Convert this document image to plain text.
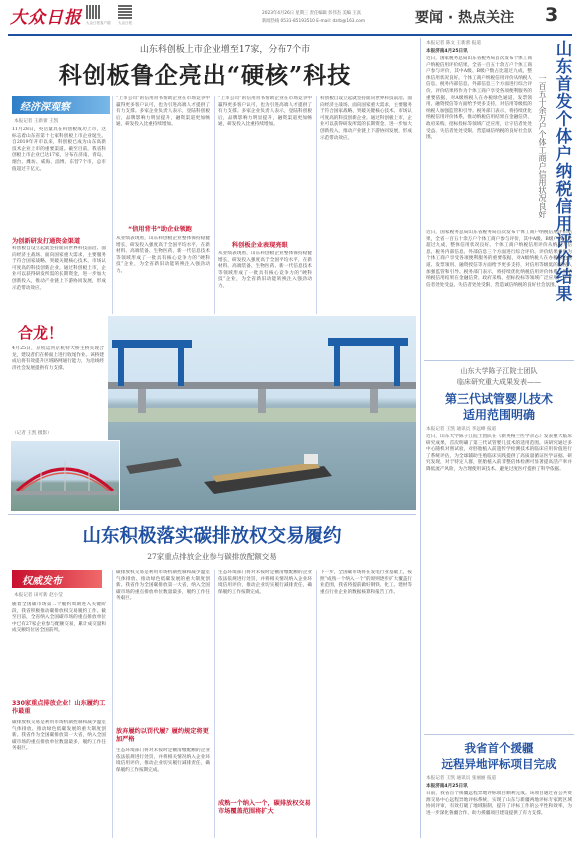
大众日报 大众日报客户端 大众日报
2023年4月26日 星期三 责任编辑 彭伟杰 美编 王真
新闻热线 0531-85193510 E-mail: dzrb@163.com	要闻 · 热点关注 3
山东科创板上市企业增至17家，分布7个市
科创板鲁企亮出“硬核”科技
经济深观察
本报记者 王新蕾 王凯
11月28日，英岳量具在科创板成功上市，这标志着山东省第十七家科创板上市企业诞生。自2019年开市以来，科创板已成为山东高新技术企业上市的重要渠道。截至目前，我省科创板上市企业已达17家，分布在济南、青岛、烟台、潍坊、威海、淄博、东营7个市，总市值超过千亿元。
为创新研发打通资金渠道
科创板自设立起就坚持面向世界科技前沿、面向经济主战场、面向国家重大需求，主要服务于符合国家战略、突破关键核心技术、市场认可度高的科技创新企业。通过科创板上市，企业可以获得研发所需的长期资金，进一步加大创新投入，推动产业链上下游协同发展，形成示范带动效应。
“上市公司”的信用背书帮助企业在市场竞争中赢得更多客户认可，也为引进高端人才提供了有力支撑。多家企业负责人表示，登陆科创板后，品牌影响力明显提升，融资渠道更加畅通，研发投入比重持续增加。
“信用背书”助企业领跑
从业绩表现看，山东科创板企业整体保持稳健增长，研发投入强度高于全国平均水平，在新材料、高端装备、生物医药、新一代信息技术等领域形成了一批具有核心竞争力的“硬科技”企业，为全省新旧动能转换注入强劲动力。
“上市公司”的信用背书帮助企业在市场竞争中赢得更多客户认可，也为引进高端人才提供了有力支撑。多家企业负责人表示，登陆科创板后，品牌影响力明显提升，融资渠道更加畅通，研发投入比重持续增加。
科创板企业表现亮眼
从业绩表现看，山东科创板企业整体保持稳健增长，研发投入强度高于全国平均水平，在新材料、高端装备、生物医药、新一代信息技术等领域形成了一批具有核心竞争力的“硬科技”企业，为全省新旧动能转换注入强劲动力。
科创板自设立起就坚持面向世界科技前沿、面向经济主战场、面向国家重大需求，主要服务于符合国家战略、突破关键核心技术、市场认可度高的科技创新企业。通过科创板上市，企业可以获得研发所需的长期资金，进一步加大创新投入，推动产业链上下游协同发展，形成示范带动效应。
合龙！
4月25日，京杭运河京杭特大桥主桥实现合龙，建设者们在桥面上进行收尾作业。该桥建成后将有效提升区域路网通行能力，为沿线经济社会发展提供有力支撑。
（记者 王凯 摄影）
山东积极落实碳排放权交易履约
27家重点排放企业参与碳排放配额交易
权威发布
本报记者 田可新 赵小莹
随着全国碳市场第二个履约周期进入关键阶段，我省积极推动碳排放权交易履约工作。截至目前，全省纳入全国碳市场的重点排放单位中已有27家企业参与配额交易，累计成交量和成交额均位居全国前列。
330家重点排放企业！山东履约工作最重
碳排放权交易是利用市场机制控制和减少温室气体排放、推动绿色低碳发展的重大制度创新。我省作为全国碳排放第一大省，纳入全国碳市场的重点排放单位数量最多，履约工作任务艰巨。
碳排放权交易是利用市场机制控制和减少温室气体排放、推动绿色低碳发展的重大制度创新。我省作为全国碳排放第一大省，纳入全国碳市场的重点排放单位数量最多，履约工作任务艰巨。
放弃履约以罚代履？履约规定将更加严格
生态环境部门将对未按时足额清缴配额的企业依法依规进行处罚，并将相关情况纳入企业环境信用评价，推动企业切实履行减排责任，确保履约工作按期完成。
生态环境部门将对未按时足额清缴配额的企业依法依规进行处罚，并将相关情况纳入企业环境信用评价，推动企业切实履行减排责任，确保履约工作按期完成。
成熟一个纳入一个，碳排放权交易市场覆盖范围将扩大
下一步，全国碳市场将在发电行业基础上，按照“成熟一个纳入一个”的原则逐步扩大覆盖行业范围，我省将提前做好钢铁、化工、建材等重点行业企业的数据核算和报告工作。
山东首发个体户纳税信用评价结果
一百五十余万户个体工商户信用状况良好
本报记者 陈文 王新蕾 报道
本报济南4月25日讯
近日，国家税务总局山东省税务局首次发布个体工商户纳税信用评价结果，全省一百五十余万户个体工商户参与评价，其中A级、B级户数占比超过九成，整体信用状况良好。个体工商户纳税信用评价从纳税人信息、税务内部信息、外部信息三个方面进行综合评价。评价结果将作为个体工商户享受各项便利服务的重要依据，对A级纳税人在办税绿色通道、发票领用、融资授信等方面给予更多支持，对信用等级低的纳税人加强监管和引导。税务部门表示，将持续优化纳税信用评价体系，推动纳税信用结果在金融信贷、政府采购、招标投标等领域广泛应用，让守信者处处受益、失信者处处受限，营造诚信纳税的良好社会氛围。
近日，国家税务总局山东省税务局首次发布个体工商户纳税信用评价结果，全省一百五十余万户个体工商户参与评价，其中A级、B级户数占比超过九成，整体信用状况良好。个体工商户纳税信用评价从纳税人信息、税务内部信息、外部信息三个方面进行综合评价。评价结果将作为个体工商户享受各项便利服务的重要依据，对A级纳税人在办税绿色通道、发票领用、融资授信等方面给予更多支持，对信用等级低的纳税人加强监管和引导。税务部门表示，将持续优化纳税信用评价体系，推动纳税信用结果在金融信贷、政府采购、招标投标等领域广泛应用，让守信者处处受益、失信者处处受限，营造诚信纳税的良好社会氛围。
山东大学陈子江院士团队
临床研究重大成果发表——
第三代试管婴儿技术
适用范围明确
本报记者 王凯 通讯员 李远峰 报道
近日，山东大学陈子江院士团队在《新英格兰医学杂志》发表重大临床研究成果，首次明确了第三代试管婴儿技术的适用范围。该研究通过多中心随机对照试验，对胚胎植入前遗传学检测技术的临床应用价值进行了系统评估，为全球辅助生殖临床实践提供了高质量循证医学证据。研究发现，对于特定人群，胚胎植入前非整倍体检测可显著提高活产率并降低流产风险，为合理使用该技术、避免过度医疗提供了科学依据。
我省首个援疆
远程异地评标项目完成
本报记者 王凯 通讯员 张丽丽 报道
本报济南4月25日讯
日前，我省首个援疆远程异地评标项目顺利完成。该项目通过省公共资源交易中心远程异地评标系统，实现了山东与新疆两地评标专家跨区域协同评审，有效打破了地域限制，提升了评标工作的公平性和效率，为进一步深化鲁疆合作、助力援疆项目建设提供了有力支撑。
